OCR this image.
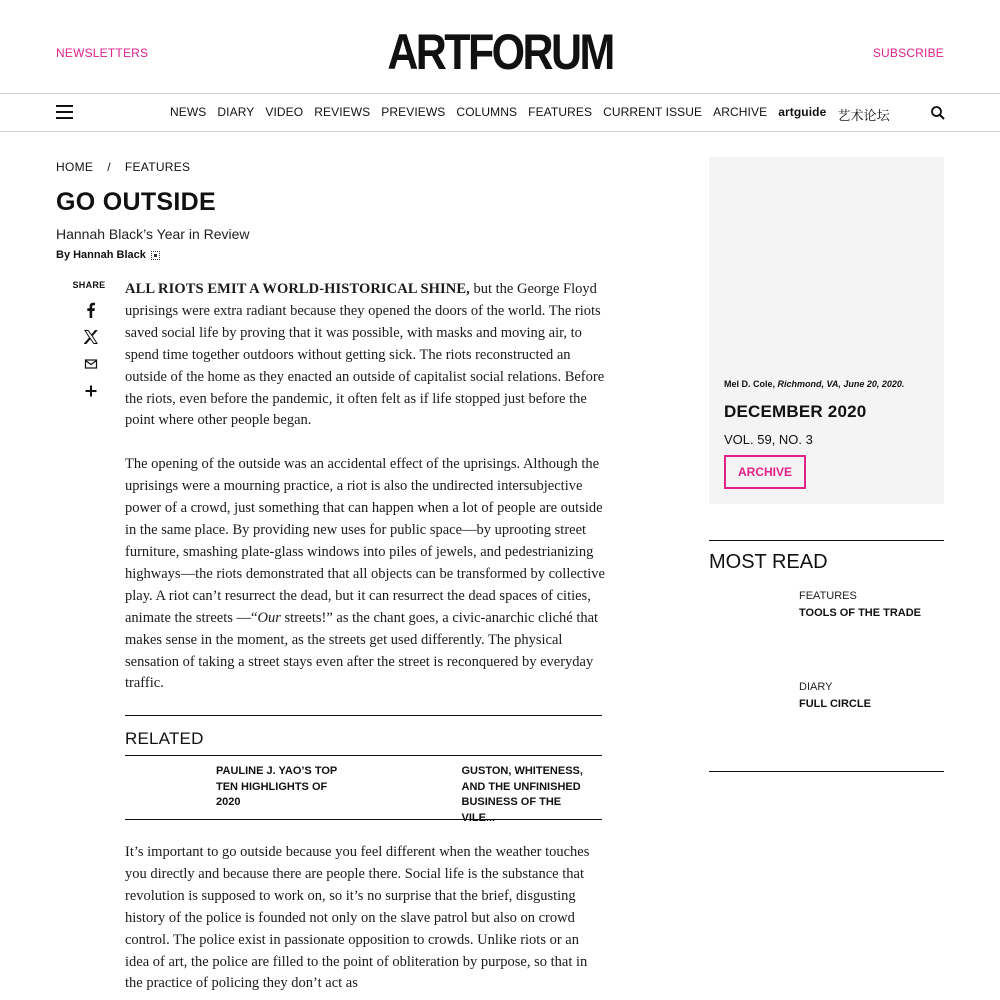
NEWSLETTERS	ARTFORUM	SUBSCRIBE
NEWS DIARY VIDEO REVIEWS PREVIEWS COLUMNS FEATURES CURRENT ISSUE ARCHIVE artguide 艺术论坛
HOME / FEATURES
GO OUTSIDE
Hannah Black’s Year in Review
By Hannah Black
SHARE ALL RIOTS EMIT A WORLD-HISTORICAL SHINE, but the George Floyd uprisings were extra radiant because they opened the doors of the world. The riots saved social life by proving that it was possible, with masks and moving air, to spend time together outdoors without getting sick. The riots reconstructed an outside of the home as they enacted an outside of capitalist social relations. Before the riots, even before the pandemic, it often felt as if life stopped just before the point where other people began.

The opening of the outside was an accidental effect of the uprisings. Although the uprisings were a mourning practice, a riot is also the undirected intersubjective power of a crowd, just something that can happen when a lot of people are outside in the same place. By providing new uses for public space—by uprooting street furniture, smashing plate-glass windows into piles of jewels, and pedestrianizing highways—the riots demonstrated that all objects can be transformed by collective play. A riot can’t resurrect the dead, but it can resurrect the dead spaces of cities, animate the streets —“Our streets!” as the chant goes, a civic-anarchic cliché that makes sense in the moment, as the streets get used differently. The physical sensation of taking a street stays even after the street is reconquered by everyday traffic.

RELATED
PAULINE J. YAO’S TOP TEN HIGHLIGHTS OF 2020
GUSTON, WHITENESS, AND THE UNFINISHED BUSINESS OF THE VILE...

It’s important to go outside because you feel different when the weather touches you directly and because there are people there. Social life is the substance that revolution is supposed to work on, so it’s no surprise that the brief, disgusting history of the police is founded not only on the slave patrol but also on crowd control. The police exist in passionate opposition to crowds. Unlike riots or an idea of art, the police are filled to the point of obliteration by purpose, so that in the practice of policing they don’t act as

Mel D. Cole, Richmond, VA, June 20, 2020.
DECEMBER 2020
VOL. 59, NO. 3
ARCHIVE
MOST READ
FEATURES
TOOLS OF THE TRADE
DIARY
FULL CIRCLE
